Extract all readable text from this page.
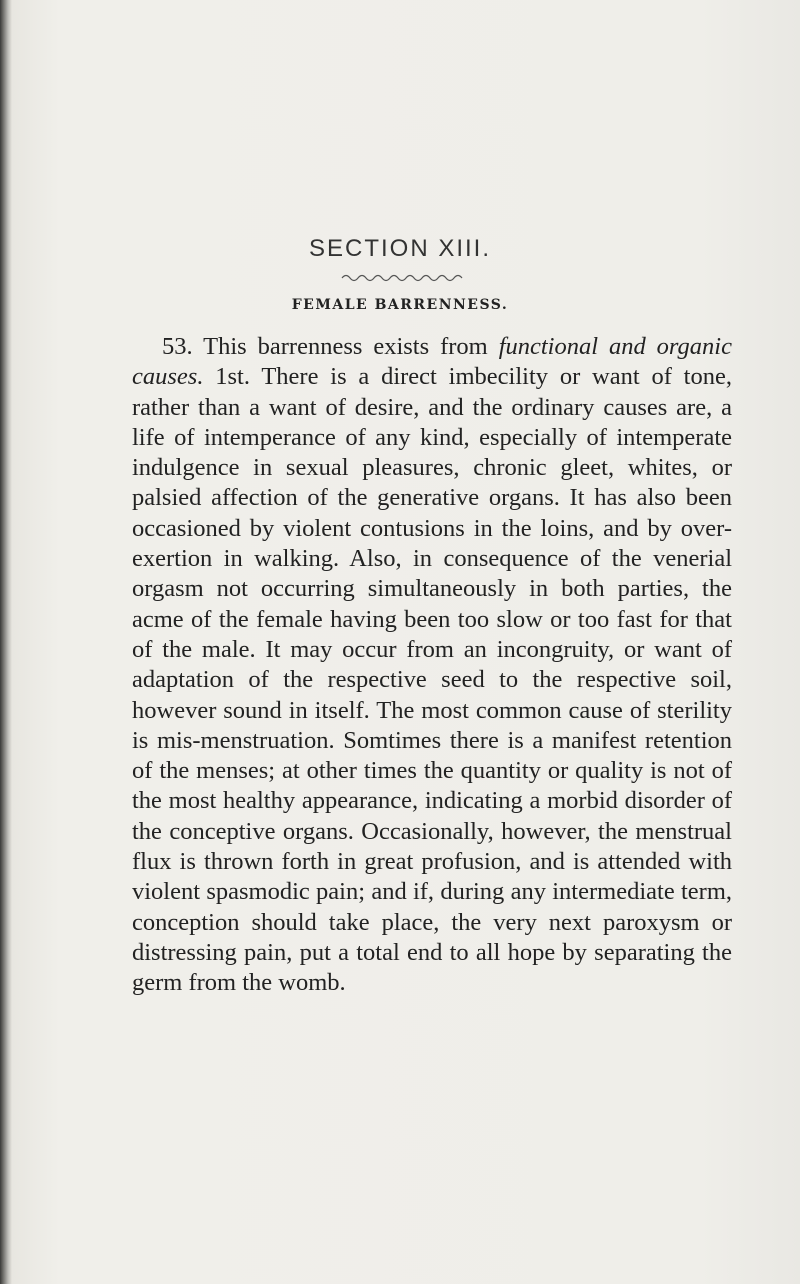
SECTION XIII.
FEMALE BARRENNESS.

53. This barrenness exists from functional and organic causes. 1st. There is a direct imbecility or want of tone, rather than a want of desire, and the ordinary causes are, a life of intemperance of any kind, especially of intemperate indulgence in sexual pleasures, chronic gleet, whites, or palsied affection of the generative organs. It has also been occasioned by violent contusions in the loins, and by over-exertion in walking. Also, in consequence of the venerial orgasm not occurring simultaneously in both parties, the acme of the female having been too slow or too fast for that of the male. It may occur from an incongruity, or want of adaptation of the respective seed to the respective soil, however sound in itself. The most common cause of sterility is mis-menstruation. Somtimes there is a manifest retention of the menses; at other times the quantity or quality is not of the most healthy appearance, indicating a morbid disorder of the conceptive organs. Occasionally, however, the menstrual flux is thrown forth in great profusion, and is attended with violent spasmodic pain; and if, during any intermediate term, conception should take place, the very next paroxysm or distressing pain, put a total end to all hope by separating the germ from the womb.
